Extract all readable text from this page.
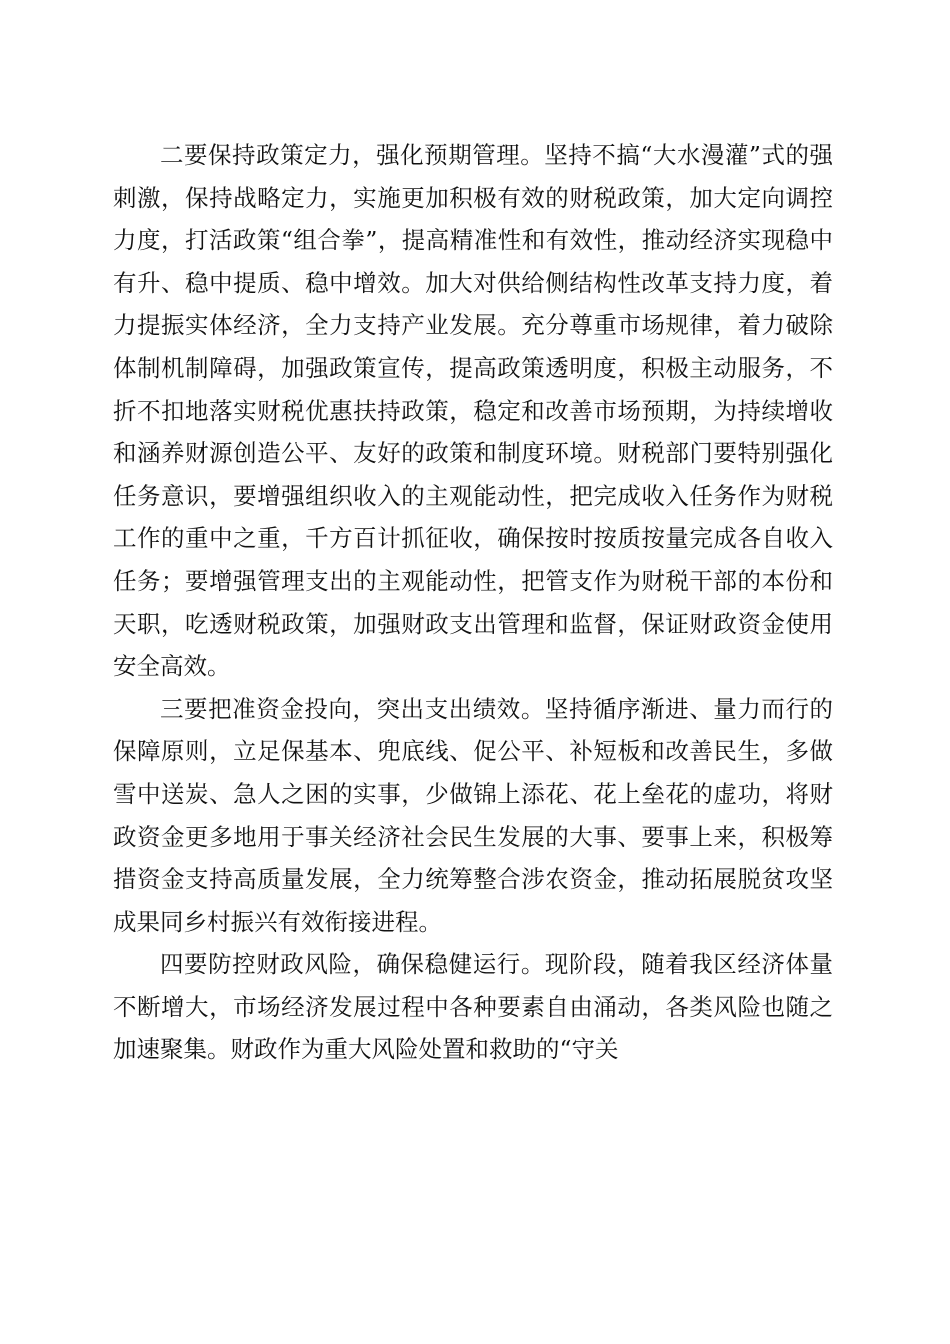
二要保持政策定力，强化预期管理。坚持不搞“大水漫灌”式的强刺激，保持战略定力，实施更加积极有效的财税政策，加大定向调控力度，打活政策“组合拳”，提高精准性和有效性，推动经济实现稳中有升、稳中提质、稳中增效。加大对供给侧结构性改革支持力度，着力提振实体经济，全力支持产业发展。充分尊重市场规律，着力破除体制机制障碍，加强政策宣传，提高政策透明度，积极主动服务，不折不扣地落实财税优惠扶持政策，稳定和改善市场预期，为持续增收和涵养财源创造公平、友好的政策和制度环境。财税部门要特别强化任务意识，要增强组织收入的主观能动性，把完成收入任务作为财税工作的重中之重，千方百计抓征收，确保按时按质按量完成各自收入任务；要增强管理支出的主观能动性，把管支作为财税干部的本份和天职，吃透财税政策，加强财政支出管理和监督，保证财政资金使用安全高效。

三要把准资金投向，突出支出绩效。坚持循序渐进、量力而行的保障原则，立足保基本、兜底线、促公平、补短板和改善民生，多做雪中送炭、急人之困的实事，少做锦上添花、花上垒花的虚功，将财政资金更多地用于事关经济社会民生发展的大事、要事上来，积极筹措资金支持高质量发展，全力统筹整合涉农资金，推动拓展脱贫攻坚成果同乡村振兴有效衔接进程。

四要防控财政风险，确保稳健运行。现阶段，随着我区经济体量不断增大，市场经济发展过程中各种要素自由涌动，各类风险也随之加速聚集。财政作为重大风险处置和救助的“守关
